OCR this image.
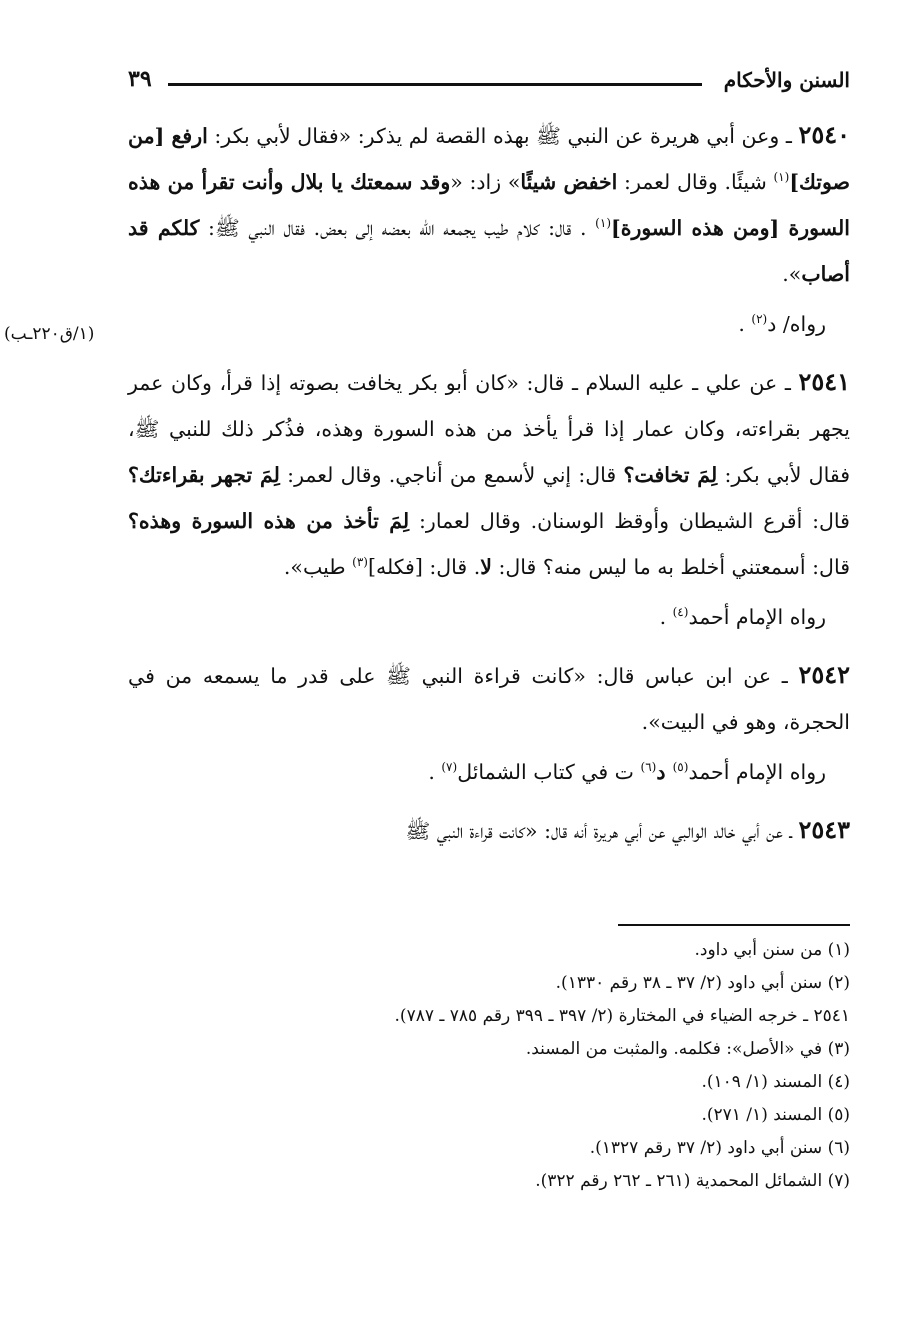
السنن والأحكام
٣٩
(١/ق٢٢٠ـب)
٢٥٤٠ ـ وعن أبي هريرة عن النبي ﷺ بهذه القصة لم يذكر: «فقال لأبي بكر: ارفع [من صوتك]$^{(١)}$ شيئًا. وقال لعمر: اخفض شيئًا» زاد: «وقد سمعتك يا بلال وأنت تقرأ من هذه السورة [ومن هذه السورة]$^{(١)}$ . قال: كلام طيب يجمعه اللّه بعضه إلى بعض. فقال النبي ﷺ: كلكم قد أصاب».
رواه/ د$^{(٢)}$ .
٢٥٤١ ـ عن علي ـ عليه السلام ـ قال: «كان أبو بكر يخافت بصوته إذا قرأ، وكان عمر يجهر بقراءته، وكان عمار إذا قرأ يأخذ من هذه السورة وهذه، فذُكر ذلك للنبي ﷺ، فقال لأبي بكر: لِمَ تخافت؟ قال: إني لأسمع من أناجي. وقال لعمر: لِمَ تجهر بقراءتك؟ قال: أقرع الشيطان وأوقظ الوسنان. وقال لعمار: لِمَ تأخذ من هذه السورة وهذه؟ قال: أسمعتني أخلط به ما ليس منه؟ قال: لا. قال: [فكله]$^{(٣)}$ طيب».
رواه الإمام أحمد$^{(٤)}$ .
٢٥٤٢ ـ عن ابن عباس قال: «كانت قراءة النبي ﷺ على قدر ما يسمعه من في الحجرة، وهو في البيت».
رواه الإمام أحمد$^{(٥)}$ د$^{(٦)}$ ت في كتاب الشمائل$^{(٧)}$ .
٢٥٤٣ ـ عن أبي خالد الوالبي عن أبي هريرة أنه قال: «كانت قراءة النبي ﷺ
(١) من سنن أبي داود.
(٢) سنن أبي داود (٢/ ٣٧ ـ ٣٨ رقم ١٣٣٠).
٢٥٤١ ـ خرجه الضياء في المختارة (٢/ ٣٩٧ ـ ٣٩٩ رقم ٧٨٥ ـ ٧٨٧).
(٣) في «الأصل»: فكلمه. والمثبت من المسند.
(٤) المسند (١/ ١٠٩).
(٥) المسند (١/ ٢٧١).
(٦) سنن أبي داود (٢/ ٣٧ رقم ١٣٢٧).
(٧) الشمائل المحمدية (٢٦١ ـ ٢٦٢ رقم ٣٢٢).
